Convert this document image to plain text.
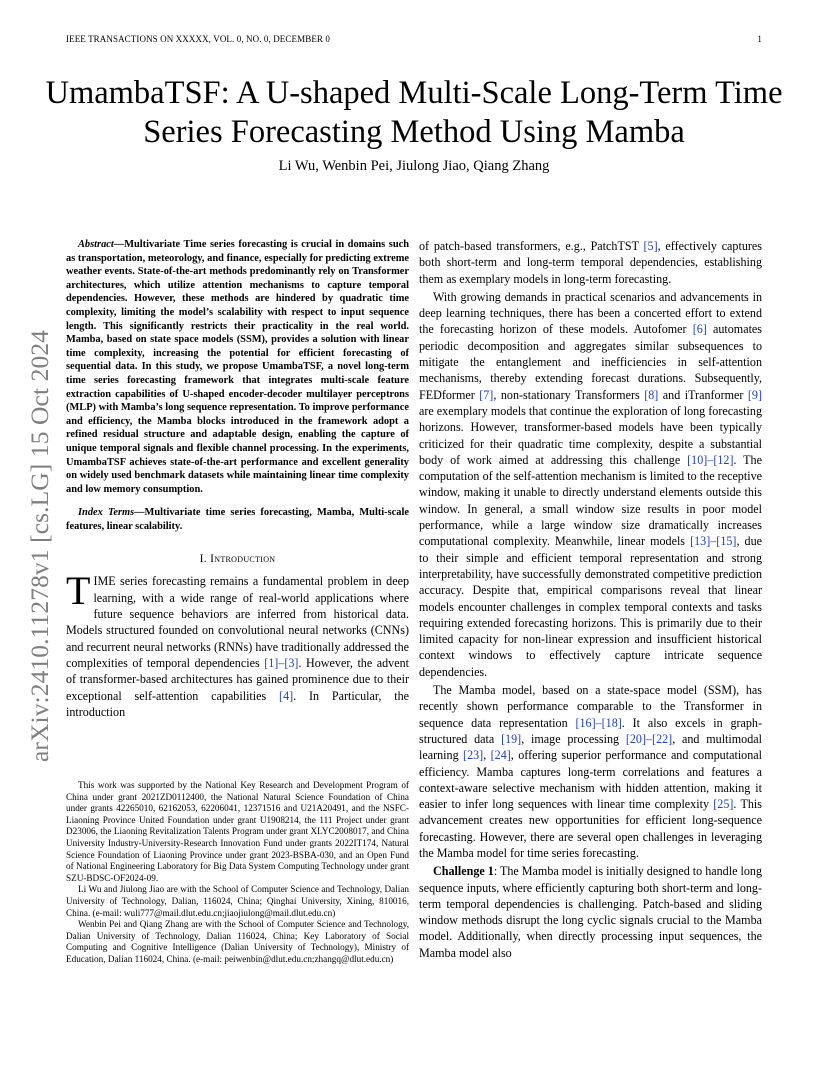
IEEE TRANSACTIONS ON XXXXX, VOL. 0, NO. 0, DECEMBER 0	1
UmambaTSF: A U-shaped Multi-Scale Long-Term Time Series Forecasting Method Using Mamba
Li Wu, Wenbin Pei, Jiulong Jiao, Qiang Zhang
arXiv:2410.11278v1 [cs.LG] 15 Oct 2024

Abstract—Multivariate Time series forecasting is crucial in domains such as transportation, meteorology, and finance, especially for predicting extreme weather events. State-of-the-art methods predominantly rely on Transformer architectures, which utilize attention mechanisms to capture temporal dependencies. However, these methods are hindered by quadratic time complexity, limiting the model’s scalability with respect to input sequence length. This significantly restricts their practicality in the real world. Mamba, based on state space models (SSM), provides a solution with linear time complexity, increasing the potential for efficient forecasting of sequential data. In this study, we propose UmambaTSF, a novel long-term time series forecasting framework that integrates multi-scale feature extraction capabilities of U-shaped encoder-decoder multilayer perceptrons (MLP) with Mamba’s long sequence representation. To improve performance and efficiency, the Mamba blocks introduced in the framework adopt a refined residual structure and adaptable design, enabling the capture of unique temporal signals and flexible channel processing. In the experiments, UmambaTSF achieves state-of-the-art performance and excellent generality on widely used benchmark datasets while maintaining linear time complexity and low memory consumption.

Index Terms—Multivariate time series forecasting, Mamba, Multi-scale features, linear scalability.

I. Introduction

TIME series forecasting remains a fundamental problem in deep learning, with a wide range of real-world applications where future sequence behaviors are inferred from historical data. Models structured founded on convolutional neural networks (CNNs) and recurrent neural networks (RNNs) have traditionally addressed the complexities of temporal dependencies [1]–[3]. However, the advent of transformer-based architectures has gained prominence due to their exceptional self-attention capabilities [4]. In Particular, the introduction

This work was supported by the National Key Research and Development Program of China under grant 2021ZD0112400, the National Natural Science Foundation of China under grants 42265010, 62162053, 62206041, 12371516 and U21A20491, and the NSFC-Liaoning Province United Foundation under grant U1908214, the 111 Project under grant D23006, the Liaoning Revitalization Talents Program under grant XLYC2008017, and China University Industry-University-Research Innovation Fund under grants 2022IT174, Natural Science Foundation of Liaoning Province under grant 2023-BSBA-030, and an Open Fund of National Engineering Laboratory for Big Data System Computing Technology under grant SZU-BDSC-OF2024-09.

Li Wu and Jiulong Jiao are with the School of Computer Science and Technology, Dalian University of Technology, Dalian, 116024, China; Qinghai University, Xining, 810016, China. (e-mail: wuli777@mail.dlut.edu.cn;jiaojiulong@mail.dlut.edu.cn)

Wenbin Pei and Qiang Zhang are with the School of Computer Science and Technology, Dalian University of Technology, Dalian 116024, China; Key Laboratory of Social Computing and Cognitive Intelligence (Dalian University of Technology), Ministry of Education, Dalian 116024, China. (e-mail: peiwenbin@dlut.edu.cn;zhangq@dlut.edu.cn)

of patch-based transformers, e.g., PatchTST [5], effectively captures both short-term and long-term temporal dependencies, establishing them as exemplary models in long-term forecasting.

With growing demands in practical scenarios and advancements in deep learning techniques, there has been a concerted effort to extend the forecasting horizon of these models. Autofomer [6] automates periodic decomposition and aggregates similar subsequences to mitigate the entanglement and inefficiencies in self-attention mechanisms, thereby extending forecast durations. Subsequently, FEDformer [7], non-stationary Transformers [8] and iTranformer [9] are exemplary models that continue the exploration of long forecasting horizons. However, transformer-based models have been typically criticized for their quadratic time complexity, despite a substantial body of work aimed at addressing this challenge [10]–[12]. The computation of the self-attention mechanism is limited to the receptive window, making it unable to directly understand elements outside this window. In general, a small window size results in poor model performance, while a large window size dramatically increases computational complexity. Meanwhile, linear models [13]–[15], due to their simple and efficient temporal representation and strong interpretability, have successfully demonstrated competitive prediction accuracy. Despite that, empirical comparisons reveal that linear models encounter challenges in complex temporal contexts and tasks requiring extended forecasting horizons. This is primarily due to their limited capacity for non-linear expression and insufficient historical context windows to effectively capture intricate sequence dependencies.

The Mamba model, based on a state-space model (SSM), has recently shown performance comparable to the Transformer in sequence data representation [16]–[18]. It also excels in graph-structured data [19], image processing [20]–[22], and multimodal learning [23], [24], offering superior performance and computational efficiency. Mamba captures long-term correlations and features a context-aware selective mechanism with hidden attention, making it easier to infer long sequences with linear time complexity [25]. This advancement creates new opportunities for efficient long-sequence forecasting. However, there are several open challenges in leveraging the Mamba model for time series forecasting.

Challenge 1: The Mamba model is initially designed to handle long sequence inputs, where efficiently capturing both short-term and long-term temporal dependencies is challenging. Patch-based and sliding window methods disrupt the long cyclic signals crucial to the Mamba model. Additionally, when directly processing input sequences, the Mamba model also
